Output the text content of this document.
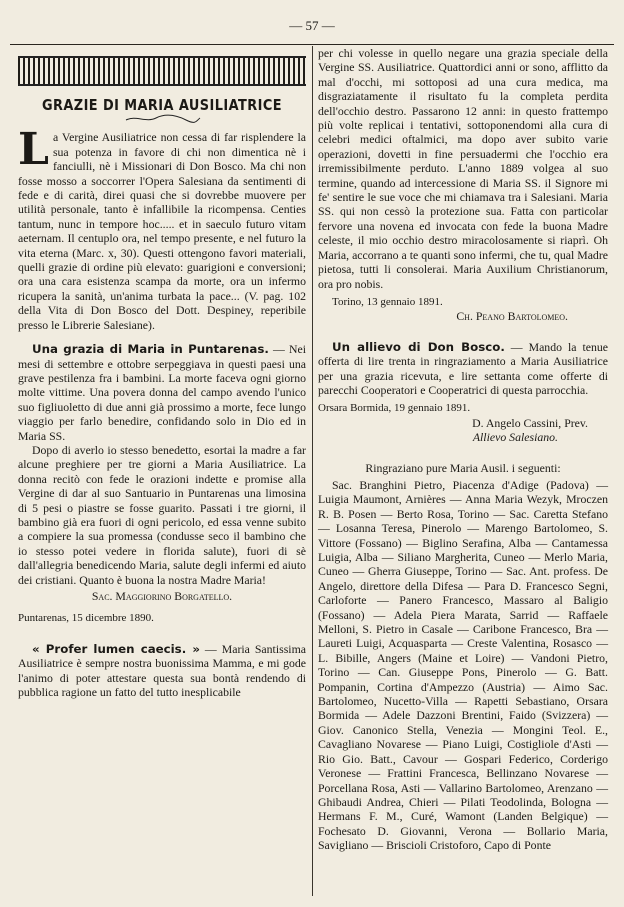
— 57 —
GRAZIE DI MARIA AUSILIATRICE

La Vergine Ausiliatrice non cessa di far risplendere la sua potenza in favore di chi non dimentica nè i fanciulli, nè i Missionari di Don Bosco. Ma chi non fosse mosso a soccorrer l'Opera Salesiana da sentimenti di fede e di carità, direi quasi che si dovrebbe muovere per utilità personale, tanto è infallibile la ricompensa. Centies tantum, nunc in tempore hoc..... et in saeculo futuro vitam aeternam. Il centuplo ora, nel tempo presente, e nel futuro la vita eterna (Marc. x, 30). Questi ottengono favori materiali, quelli grazie di ordine più elevato: guarigioni e conversioni; ora una cara esistenza scampa da morte, ora un infermo ricupera la sanità, un'anima turbata la pace... (V. pag. 102 della Vita di Don Bosco del Dott. Despiney, reperibile presso le Librerie Salesiane).

Una grazia di Maria in Puntarenas. — Nei mesi di settembre e ottobre serpeggiava in questi paesi una grave pestilenza fra i bambini. La morte faceva ogni giorno molte vittime. Una povera donna del campo avendo l'unico suo figliuoletto di due anni già prossimo a morte, fece lungo viaggio per farlo benedire, confidando solo in Dio ed in Maria SS.

Dopo di averlo io stesso benedetto, esortai la madre a far alcune preghiere per tre giorni a Maria Ausiliatrice. La donna recitò con fede le orazioni indette e promise alla Vergine di dar al suo Santuario in Puntarenas una limosina di 5 pesi o piastre se fosse guarito. Passati i tre giorni, il bambino già era fuori di ogni pericolo, ed essa venne subito a compiere la sua promessa (condusse seco il bambino che io stesso potei vedere in florida salute), fuori di sè dall'allegria benedicendo Maria, salute degli infermi ed aiuto dei cristiani. Quanto è buona la nostra Madre Maria!

Sac. Maggiorino Borgatello.
Puntarenas, 15 dicembre 1890.

« Profer lumen caecis. » — Maria Santissima Ausiliatrice è sempre nostra buonissima Mamma, e mi gode l'animo di poter attestare questa sua bontà rendendo di pubblica ragione un fatto del tutto inesplicabile

per chi volesse in quello negare una grazia speciale della Vergine SS. Ausiliatrice. Quattordici anni or sono, afflitto da mal d'occhi, mi sottoposi ad una cura medica, ma disgraziatamente il risultato fu la completa perdita dell'occhio destro. Passarono 12 anni: in questo frattempo più volte replicai i tentativi, sottoponendomi alla cura di celebri medici oftalmici, ma dopo aver subito varie operazioni, dovetti in fine persuadermi che l'occhio era irremissibilmente perduto. L'anno 1889 volgea al suo termine, quando ad intercessione di Maria SS. il Signore mi fe' sentire le sue voce che mi chiamava tra i Salesiani. Maria SS. qui non cessò la protezione sua. Fatta con particolar fervore una novena ed invocata con fede la buona Madre celeste, il mio occhio destro miracolosamente si riaprì. Oh Maria, accorrano a te quanti sono infermi, che tu, qual Madre pietosa, tutti li consolerai. Maria Auxilium Christianorum, ora pro nobis.

Torino, 13 gennaio 1891.
Ch. Peano Bartolomeo.

Un allievo di Don Bosco. — Mando la tenue offerta di lire trenta in ringraziamento a Maria Ausiliatrice per una grazia ricevuta, e lire settanta come offerte di parecchi Cooperatori e Cooperatrici di questa parrocchia.

Orsara Bormida, 19 gennaio 1891.
D. Angelo Cassini, Prev.
Allievo Salesiano.
Ringraziano pure Maria Ausil. i seguenti:

Sac. Branghini Pietro, Piacenza d'Adige (Padova) — Luigia Maumont, Arnières — Anna Maria Wezyk, Mroczen R. B. Posen — Berto Rosa, Torino — Sac. Caretta Stefano — Losanna Teresa, Pinerolo — Marengo Bartolomeo, S. Vittore (Fossano) — Biglino Serafina, Alba — Cantamessa Luigia, Alba — Siliano Margherita, Cuneo — Merlo Maria, Cuneo — Gherra Giuseppe, Torino — Sac. Ant. profess. De Angelo, direttore della Difesa — Para D. Francesco Segni, Carloforte — Panero Francesco, Massaro al Baligio (Fossano) — Adela Piera Marata, Sarrid — Raffaele Melloni, S. Pietro in Casale — Caribone Francesco, Bra — Laureti Luigi, Acquasparta — Creste Valentina, Rosasco — L. Bibille, Angers (Maine et Loire) — Vandoni Pietro, Torino — Can. Giuseppe Pons, Pinerolo — G. Batt. Pompanin, Cortina d'Ampezzo (Austria) — Aimo Sac. Bartolomeo, Nucetto-Villa — Rapetti Sebastiano, Orsara Bormida — Adele Dazzoni Brentini, Faido (Svizzera) — Giov. Canonico Stella, Venezia — Mongini Teol. E., Cavagliano Novarese — Piano Luigi, Costigliole d'Asti — Rio Gio. Batt., Cavour — Gospari Federico, Corderigo Veronese — Frattini Francesca, Bellinzano Novarese — Porcellana Rosa, Asti — Vallarino Bartolomeo, Arenzano — Ghibaudi Andrea, Chieri — Pilati Teodolinda, Bologna — Hermans F. M., Curé, Wamont (Landen Belgique) — Fochesato D. Giovanni, Verona — Bollario Maria, Savigliano — Briscioli Cristoforo, Capo di Ponte
